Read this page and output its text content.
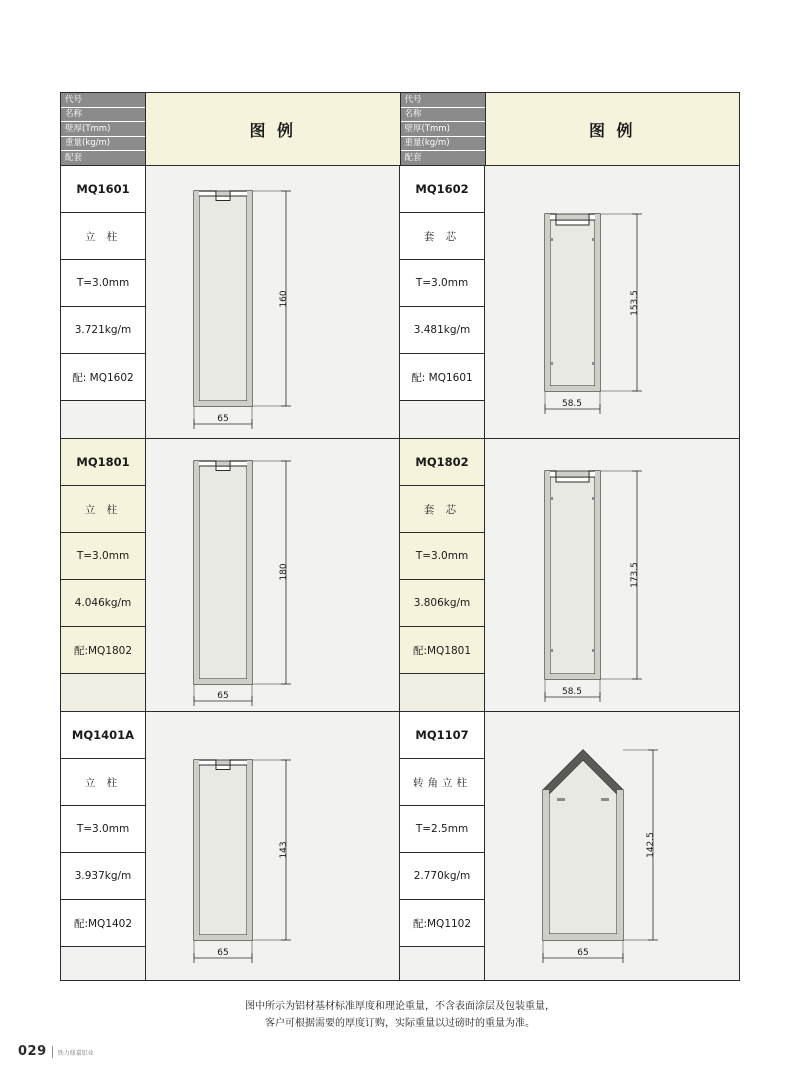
代号
名称
壁厚(Tmm)
重量(kg/m)
配套
图 例
代号
名称
壁厚(Tmm)
重量(kg/m)
配套
图 例
MQ1601
立 柱
T=3.0mm
3.721kg/m
配: MQ1602
160
65
MQ1602
套 芯
T=3.0mm
3.481kg/m
配: MQ1601
153.5
58.5
MQ1801
立 柱
T=3.0mm
4.046kg/m
配:MQ1802
180
65
MQ1802
套 芯
T=3.0mm
3.806kg/m
配:MQ1801
173.5
58.5
MQ1401A
立 柱
T=3.0mm
3.937kg/m
配:MQ1402
143
65
MQ1107
转角立柱
T=2.5mm
2.770kg/m
配:MQ1102
142.5
65
图中所示为铝材基材标准厚度和理论重量，不含表面涂层及包装重量，
客户可根据需要的厚度订购，实际重量以过磅时的重量为准。
029 铁力鼎嘉铝业
